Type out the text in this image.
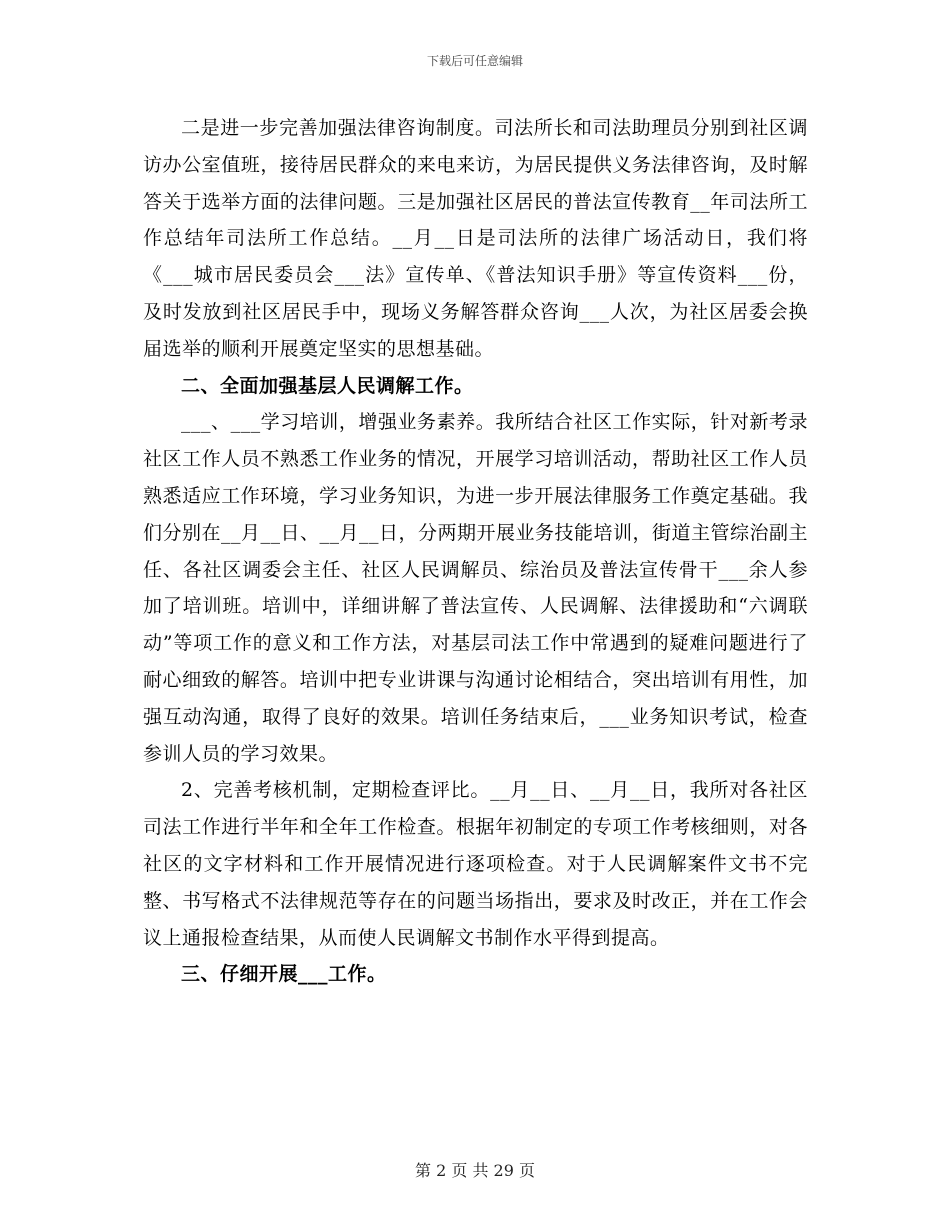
下载后可任意编辑

二是进一步完善加强法律咨询制度。司法所长和司法助理员分别到社区调访办公室值班，接待居民群众的来电来访，为居民提供义务法律咨询，及时解答关于选举方面的法律问题。三是加强社区居民的普法宣传教育__年司法所工作总结年司法所工作总结。__月__日是司法所的法律广场活动日，我们将《___城市居民委员会___法》宣传单、《普法知识手册》等宣传资料___份，及时发放到社区居民手中，现场义务解答群众咨询___人次，为社区居委会换届选举的顺利开展奠定坚实的思想基础。

二、全面加强基层人民调解工作。

___、___学习培训，增强业务素养。我所结合社区工作实际，针对新考录社区工作人员不熟悉工作业务的情况，开展学习培训活动，帮助社区工作人员熟悉适应工作环境，学习业务知识，为进一步开展法律服务工作奠定基础。我们分别在__月__日、__月__日，分两期开展业务技能培训，街道主管综治副主任、各社区调委会主任、社区人民调解员、综治员及普法宣传骨干___余人参加了培训班。培训中，详细讲解了普法宣传、人民调解、法律援助和“六调联动”等项工作的意义和工作方法，对基层司法工作中常遇到的疑难问题进行了耐心细致的解答。培训中把专业讲课与沟通讨论相结合，突出培训有用性，加强互动沟通，取得了良好的效果。培训任务结束后，___业务知识考试，检查参训人员的学习效果。

2、完善考核机制，定期检查评比。__月__日、__月__日，我所对各社区司法工作进行半年和全年工作检查。根据年初制定的专项工作考核细则，对各社区的文字材料和工作开展情况进行逐项检查。对于人民调解案件文书不完整、书写格式不法律规范等存在的问题当场指出，要求及时改正，并在工作会议上通报检查结果，从而使人民调解文书制作水平得到提高。

三、仔细开展___工作。

第 2 页 共 29 页
